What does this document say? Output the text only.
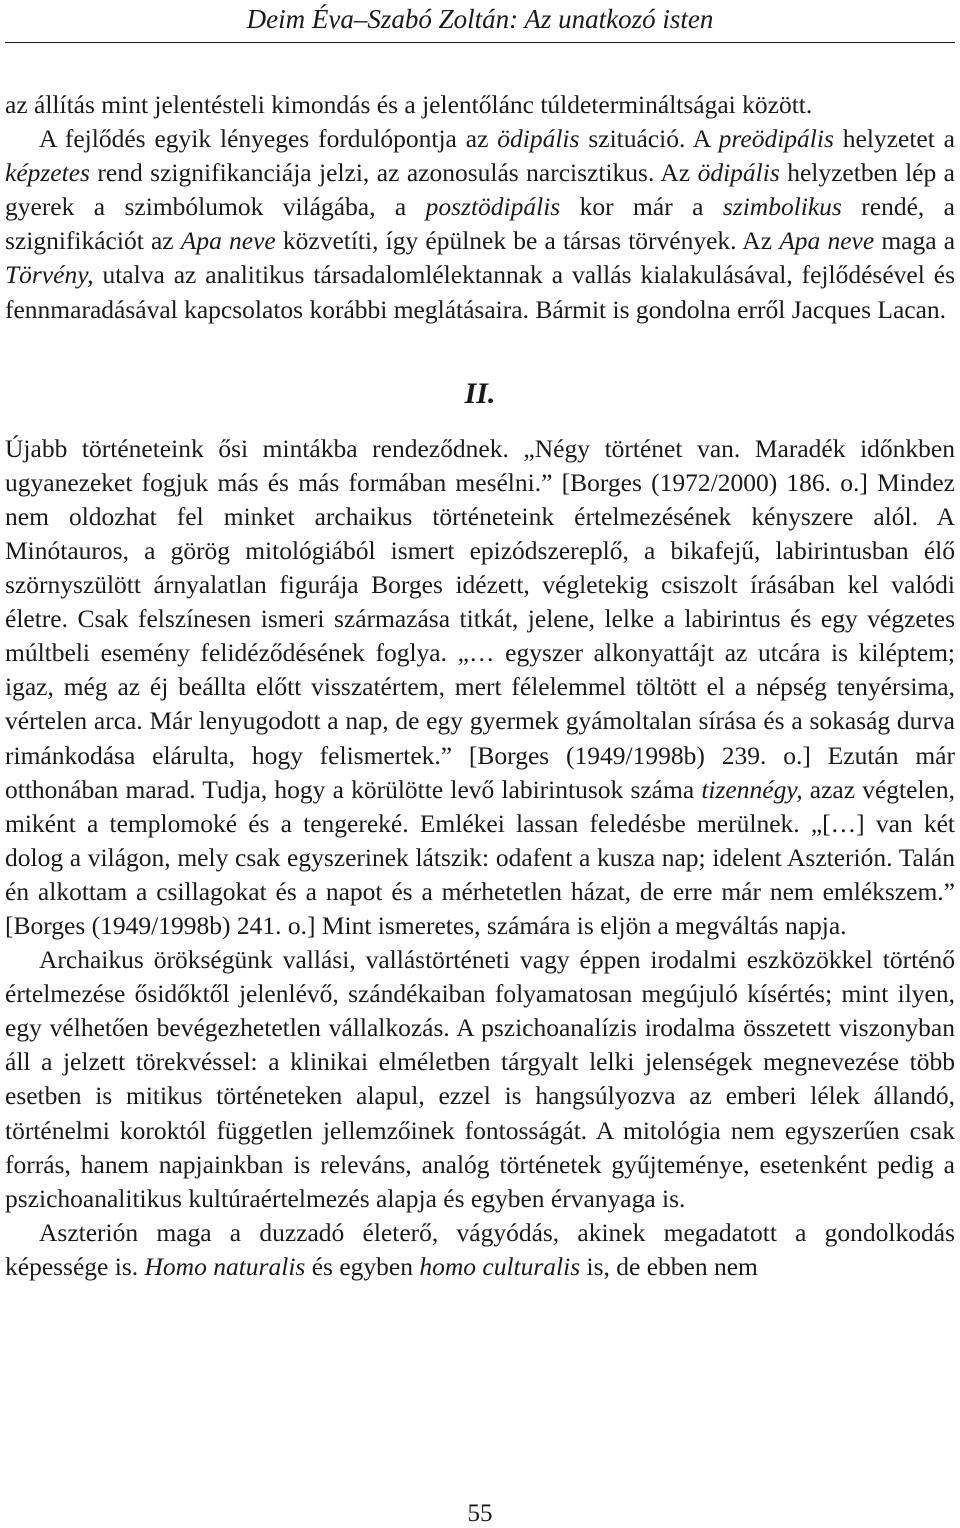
Deim Éva–Szabó Zoltán: Az unatkozó isten

az állítás mint jelentésteli kimondás és a jelentőlánc túldetermináltságai között.

A fejlődés egyik lényeges fordulópontja az ödipális szituáció. A preödipális helyzetet a képzetes rend szignifikanciája jelzi, az azonosulás narcisztikus. Az ödipális helyzetben lép a gyerek a szimbólumok világába, a posztödipális kor már a szimbolikus rendé, a szignifikációt az Apa neve közvetíti, így épülnek be a társas törvények. Az Apa neve maga a Törvény, utalva az analitikus társadalomlélektannak a vallás kialakulásával, fejlődésével és fennmaradásával kapcsolatos korábbi meglátásaira. Bármit is gondolna erről Jacques Lacan.

II.

Újabb történeteink ősi mintákba rendeződnek. „Négy történet van. Maradék időnkben ugyanezeket fogjuk más és más formában mesélni.” [Borges (1972/2000) 186. o.] Mindez nem oldozhat fel minket archaikus történeteink értelmezésének kényszere alól. A Minótauros, a görög mitológiából ismert epizódszereplő, a bikafejű, labirintusban élő szörnyszülött árnyalatlan figurája Borges idézett, végletekig csiszolt írásában kel valódi életre. Csak felszínesen ismeri származása titkát, jelene, lelke a labirintus és egy végzetes múltbeli esemény felidéződésének foglya. „… egyszer alkonyattájt az utcára is kiléptem; igaz, még az éj beállta előtt visszatértem, mert félelemmel töltött el a népség tenyérsima, vértelen arca. Már lenyugodott a nap, de egy gyermek gyámoltalan sírása és a sokaság durva rimánkodása elárulta, hogy felismertek.” [Borges (1949/1998b) 239. o.] Ezután már otthonában marad. Tudja, hogy a körülötte levő labirintusok száma tizennégy, azaz végtelen, miként a templomoké és a tengereké. Emlékei lassan feledésbe merülnek. „[…] van két dolog a világon, mely csak egyszerinek látszik: odafent a kusza nap; idelent Aszterión. Talán én alkottam a csillagokat és a napot és a mérhetetlen házat, de erre már nem emlékszem.” [Borges (1949/1998b) 241. o.] Mint ismeretes, számára is eljön a megváltás napja.

Archaikus örökségünk vallási, vallástörténeti vagy éppen irodalmi eszközökkel történő értelmezése ősidőktől jelenlévő, szándékaiban folyamatosan megújuló kísértés; mint ilyen, egy vélhetően bevégezhetetlen vállalkozás. A pszichoanalízis irodalma összetett viszonyban áll a jelzett törekvéssel: a klinikai elméletben tárgyalt lelki jelenségek megnevezése több esetben is mitikus történeteken alapul, ezzel is hangsúlyozva az emberi lélek állandó, történelmi koroktól független jellemzőinek fontosságát. A mitológia nem egyszerűen csak forrás, hanem napjainkban is releváns, analóg történetek gyűjteménye, esetenként pedig a pszichoanalitikus kultúraértelmezés alapja és egyben érvanyaga is.

Aszterión maga a duzzadó életerő, vágyódás, akinek megadatott a gondolkodás képessége is. Homo naturalis és egyben homo culturalis is, de ebben nem

55
